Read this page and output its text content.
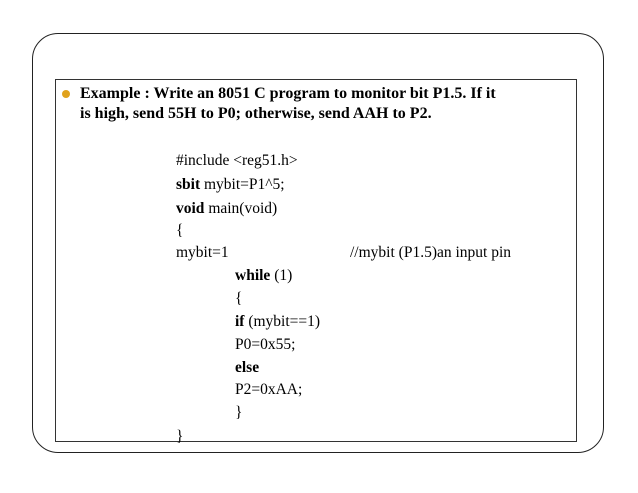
Example : Write an 8051 C program to monitor bit P1.5. If it
is high, send 55H to P0; otherwise, send AAH to P2.

#include <reg51.h>

sbit mybit=P1^5;

void main(void)

{

mybit=1	//mybit (P1.5)an input pin

while (1)

{

if (mybit==1)

P0=0x55;

else

P2=0xAA;

}

}
